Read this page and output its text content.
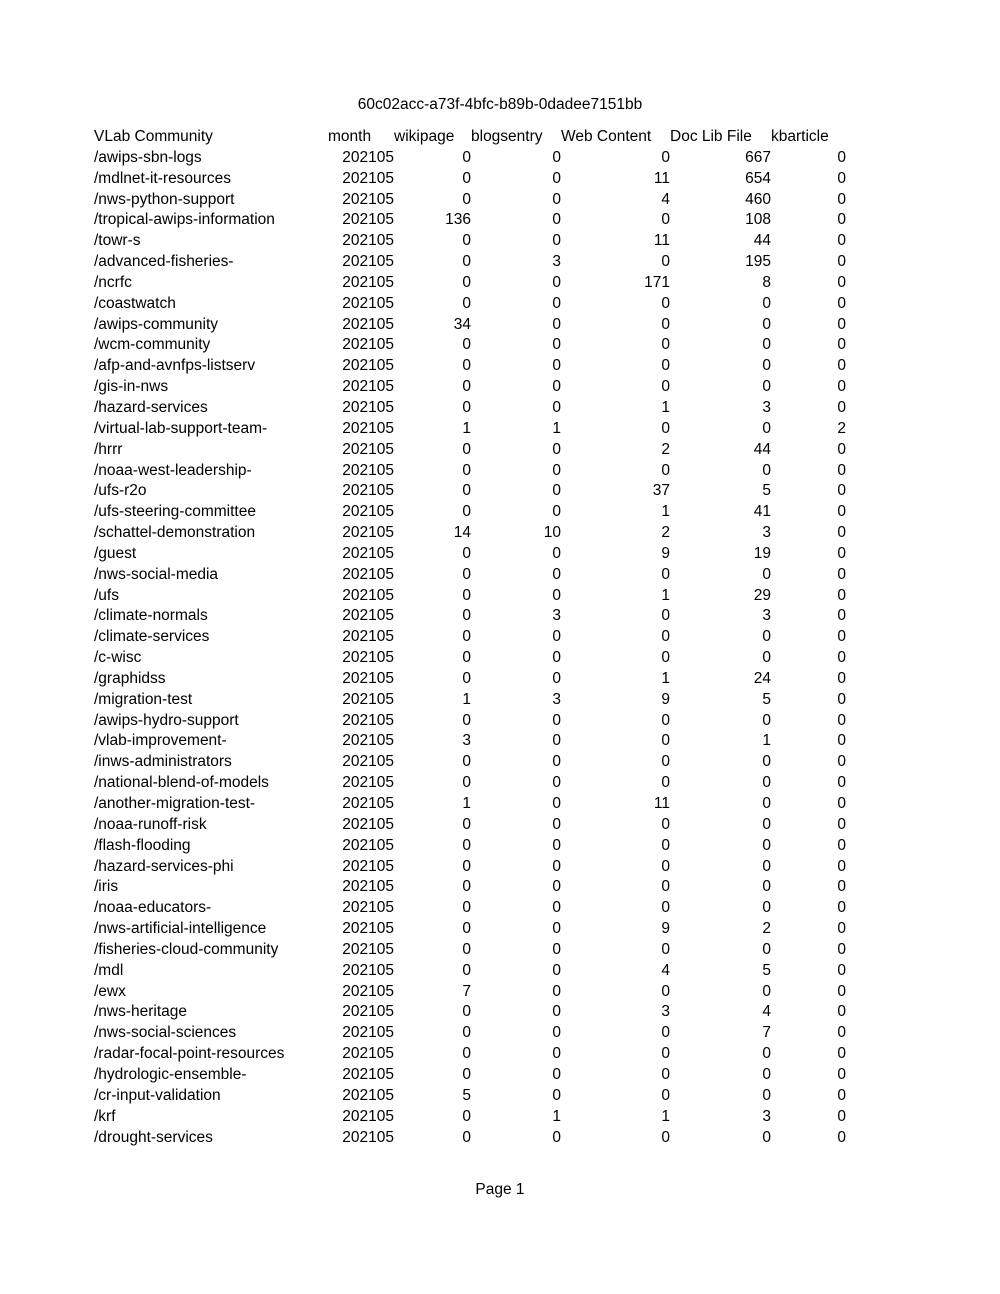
60c02acc-a73f-4bfc-b89b-0dadee7151bb
VLab Community	month	wikipage	blogsentry	Web Content	Doc Lib File	kbarticle
/awips-sbn-logs	202105	0	0	0	667	0
/mdlnet-it-resources	202105	0	0	11	654	0
/nws-python-support	202105	0	0	4	460	0
/tropical-awips-information	202105	136	0	0	108	0
/towr-s	202105	0	0	11	44	0
/advanced-fisheries-	202105	0	3	0	195	0
/ncrfc	202105	0	0	171	8	0
/coastwatch	202105	0	0	0	0	0
/awips-community	202105	34	0	0	0	0
/wcm-community	202105	0	0	0	0	0
/afp-and-avnfps-listserv	202105	0	0	0	0	0
/gis-in-nws	202105	0	0	0	0	0
/hazard-services	202105	0	0	1	3	0
/virtual-lab-support-team-	202105	1	1	0	0	2
/hrrr	202105	0	0	2	44	0
/noaa-west-leadership-	202105	0	0	0	0	0
/ufs-r2o	202105	0	0	37	5	0
/ufs-steering-committee	202105	0	0	1	41	0
/schattel-demonstration	202105	14	10	2	3	0
/guest	202105	0	0	9	19	0
/nws-social-media	202105	0	0	0	0	0
/ufs	202105	0	0	1	29	0
/climate-normals	202105	0	3	0	3	0
/climate-services	202105	0	0	0	0	0
/c-wisc	202105	0	0	0	0	0
/graphidss	202105	0	0	1	24	0
/migration-test	202105	1	3	9	5	0
/awips-hydro-support	202105	0	0	0	0	0
/vlab-improvement-	202105	3	0	0	1	0
/inws-administrators	202105	0	0	0	0	0
/national-blend-of-models	202105	0	0	0	0	0
/another-migration-test-	202105	1	0	11	0	0
/noaa-runoff-risk	202105	0	0	0	0	0
/flash-flooding	202105	0	0	0	0	0
/hazard-services-phi	202105	0	0	0	0	0
/iris	202105	0	0	0	0	0
/noaa-educators-	202105	0	0	0	0	0
/nws-artificial-intelligence	202105	0	0	9	2	0
/fisheries-cloud-community	202105	0	0	0	0	0
/mdl	202105	0	0	4	5	0
/ewx	202105	7	0	0	0	0
/nws-heritage	202105	0	0	3	4	0
/nws-social-sciences	202105	0	0	0	7	0
/radar-focal-point-resources	202105	0	0	0	0	0
/hydrologic-ensemble-	202105	0	0	0	0	0
/cr-input-validation	202105	5	0	0	0	0
/krf	202105	0	1	1	3	0
/drought-services	202105	0	0	0	0	0
Page 1
